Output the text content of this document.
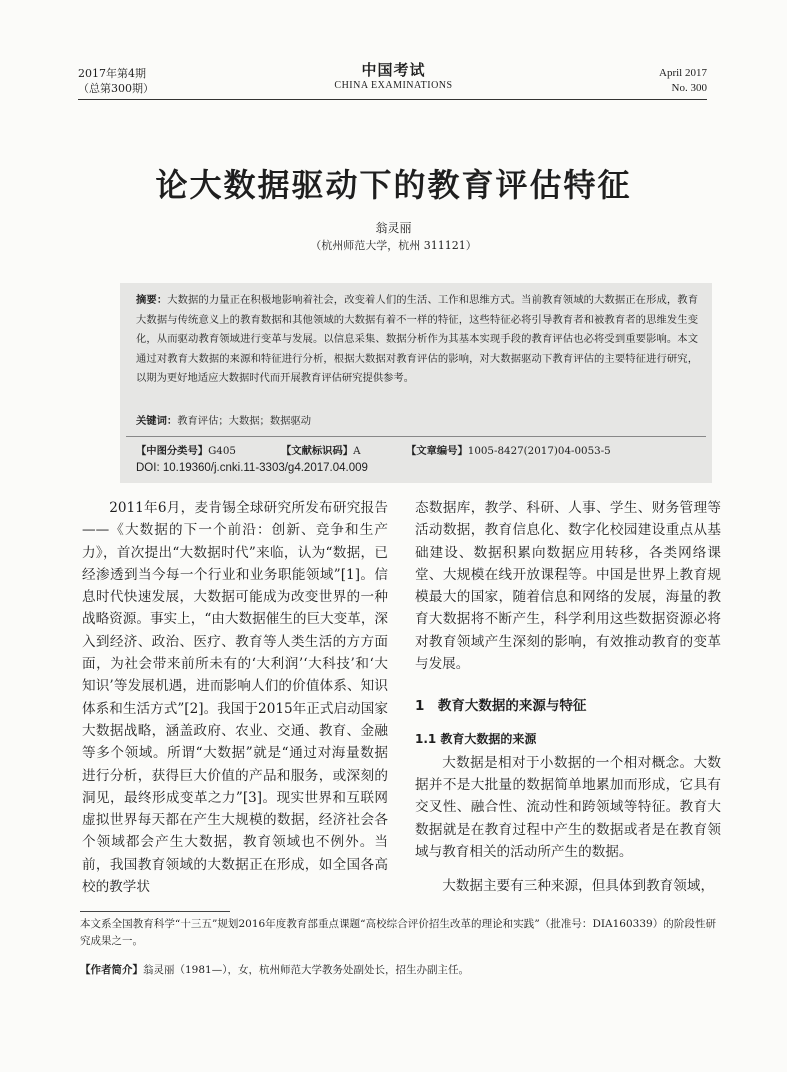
2017年第4期
（总第300期）
中国考试
CHINA EXAMINATIONS
April 2017
No. 300
论大数据驱动下的教育评估特征
翁灵丽
（杭州师范大学，杭州 311121）
摘要：大数据的力量正在积极地影响着社会，改变着人们的生活、工作和思维方式。当前教育领域的大数据正在形成，教育大数据与传统意义上的教育数据和其他领域的大数据有着不一样的特征，这些特征必将引导教育者和被教育者的思维发生变化，从而驱动教育领域进行变革与发展。以信息采集、数据分析作为其基本实现手段的教育评估也必将受到重要影响。本文通过对教育大数据的来源和特征进行分析，根据大数据对教育评估的影响，对大数据驱动下教育评估的主要特征进行研究，以期为更好地适应大数据时代而开展教育评估研究提供参考。
关键词：教育评估；大数据；数据驱动
【中图分类号】G405	【文献标识码】A	【文章编号】1005-8427(2017)04-0053-5
DOI: 10.19360/j.cnki.11-3303/g4.2017.04.009

2011年6月，麦肯锡全球研究所发布研究报告——《大数据的下一个前沿：创新、竞争和生产力》，首次提出“大数据时代”来临，认为“数据，已经渗透到当今每一个行业和业务职能领域”[1]。信息时代快速发展，大数据可能成为改变世界的一种战略资源。事实上，“由大数据催生的巨大变革，深入到经济、政治、医疗、教育等人类生活的方方面面，为社会带来前所未有的‘大利润’‘大科技’和‘大知识’等发展机遇，进而影响人们的价值体系、知识体系和生活方式”[2]。我国于2015年正式启动国家大数据战略，涵盖政府、农业、交通、教育、金融等多个领域。所谓“大数据”就是“通过对海量数据进行分析，获得巨大价值的产品和服务，或深刻的洞见，最终形成变革之力”[3]。现实世界和互联网虚拟世界每天都在产生大规模的数据，经济社会各个领域都会产生大数据，教育领域也不例外。当前，我国教育领域的大数据正在形成，如全国各高校的教学状

态数据库，教学、科研、人事、学生、财务管理等活动数据，教育信息化、数字化校园建设重点从基础建设、数据积累向数据应用转移，各类网络课堂、大规模在线开放课程等。中国是世界上教育规模最大的国家，随着信息和网络的发展，海量的教育大数据将不断产生，科学利用这些数据资源必将对教育领域产生深刻的影响，有效推动教育的变革与发展。

1　教育大数据的来源与特征
1.1 教育大数据的来源

大数据是相对于小数据的一个相对概念。大数据并不是大批量的数据简单地累加而形成，它具有交叉性、融合性、流动性和跨领域等特征。教育大数据就是在教育过程中产生的数据或者是在教育领域与教育相关的活动所产生的数据。

大数据主要有三种来源，但具体到教育领域，

本文系全国教育科学“十三五”规划2016年度教育部重点课题“高校综合评价招生改革的理论和实践”（批准号：DIA160339）的阶段性研究成果之一。
【作者简介】翁灵丽（1981—），女，杭州师范大学教务处副处长，招生办副主任。
